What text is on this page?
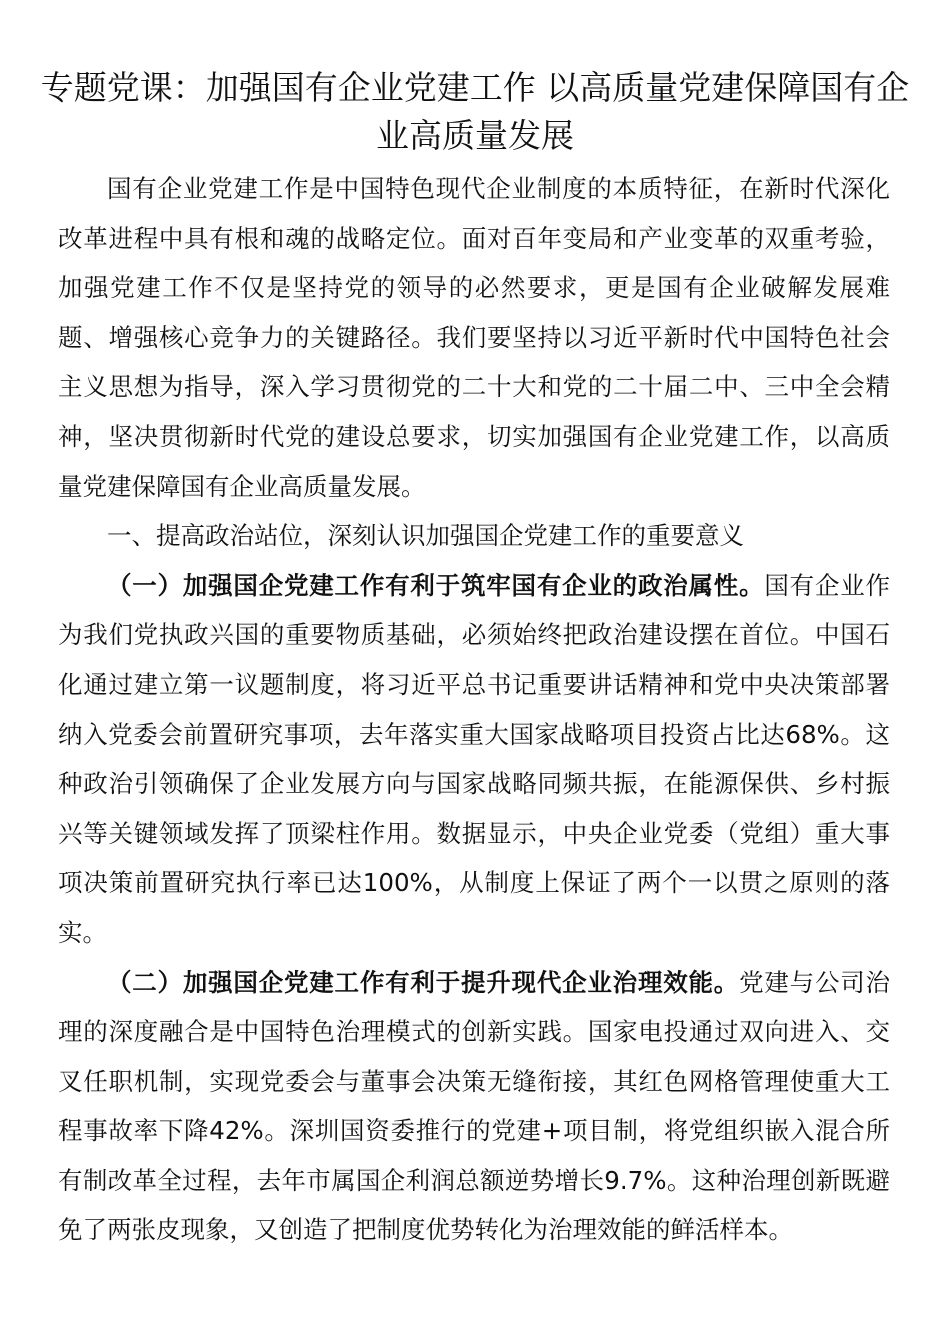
专题党课：加强国有企业党建工作 以高质量党建保障国有企业高质量发展

国有企业党建工作是中国特色现代企业制度的本质特征，在新时代深化改革进程中具有根和魂的战略定位。面对百年变局和产业变革的双重考验，加强党建工作不仅是坚持党的领导的必然要求，更是国有企业破解发展难题、增强核心竞争力的关键路径。我们要坚持以习近平新时代中国特色社会主义思想为指导，深入学习贯彻党的二十大和党的二十届二中、三中全会精神，坚决贯彻新时代党的建设总要求，切实加强国有企业党建工作，以高质量党建保障国有企业高质量发展。

一、提高政治站位，深刻认识加强国企党建工作的重要意义

（一）加强国企党建工作有利于筑牢国有企业的政治属性。国有企业作为我们党执政兴国的重要物质基础，必须始终把政治建设摆在首位。中国石化通过建立第一议题制度，将习近平总书记重要讲话精神和党中央决策部署纳入党委会前置研究事项，去年落实重大国家战略项目投资占比达68%。这种政治引领确保了企业发展方向与国家战略同频共振，在能源保供、乡村振兴等关键领域发挥了顶梁柱作用。数据显示，中央企业党委（党组）重大事项决策前置研究执行率已达100%，从制度上保证了两个一以贯之原则的落实。

（二）加强国企党建工作有利于提升现代企业治理效能。党建与公司治理的深度融合是中国特色治理模式的创新实践。国家电投通过双向进入、交叉任职机制，实现党委会与董事会决策无缝衔接，其红色网格管理使重大工程事故率下降42%。深圳国资委推行的党建+项目制，将党组织嵌入混合所有制改革全过程，去年市属国企利润总额逆势增长9.7%。这种治理创新既避免了两张皮现象，又创造了把制度优势转化为治理效能的鲜活样本。
